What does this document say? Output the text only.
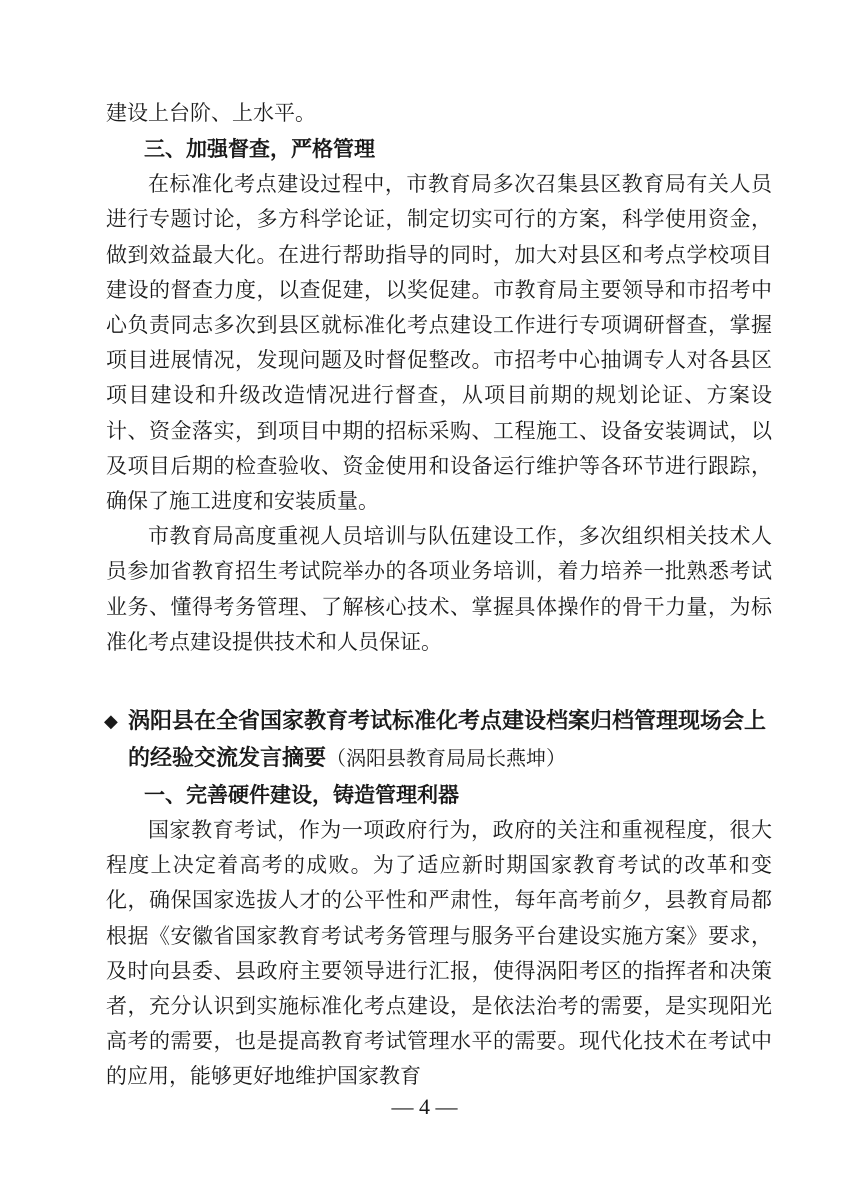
建设上台阶、上水平。

三、加强督查，严格管理

在标准化考点建设过程中，市教育局多次召集县区教育局有关人员进行专题讨论，多方科学论证，制定切实可行的方案，科学使用资金，做到效益最大化。在进行帮助指导的同时，加大对县区和考点学校项目建设的督查力度，以查促建，以奖促建。市教育局主要领导和市招考中心负责同志多次到县区就标准化考点建设工作进行专项调研督查，掌握项目进展情况，发现问题及时督促整改。市招考中心抽调专人对各县区项目建设和升级改造情况进行督查，从项目前期的规划论证、方案设计、资金落实，到项目中期的招标采购、工程施工、设备安装调试，以及项目后期的检查验收、资金使用和设备运行维护等各环节进行跟踪，确保了施工进度和安装质量。

市教育局高度重视人员培训与队伍建设工作，多次组织相关技术人员参加省教育招生考试院举办的各项业务培训，着力培养一批熟悉考试业务、懂得考务管理、了解核心技术、掌握具体操作的骨干力量，为标准化考点建设提供技术和人员保证。

◆ 涡阳县在全省国家教育考试标准化考点建设档案归档管理现场会上的经验交流发言摘要（涡阳县教育局局长燕坤）

一、完善硬件建设，铸造管理利器

国家教育考试，作为一项政府行为，政府的关注和重视程度，很大程度上决定着高考的成败。为了适应新时期国家教育考试的改革和变化，确保国家选拔人才的公平性和严肃性，每年高考前夕，县教育局都根据《安徽省国家教育考试考务管理与服务平台建设实施方案》要求，及时向县委、县政府主要领导进行汇报，使得涡阳考区的指挥者和决策者，充分认识到实施标准化考点建设，是依法治考的需要，是实现阳光高考的需要，也是提高教育考试管理水平的需要。现代化技术在考试中的应用，能够更好地维护国家教育

— 4 —
